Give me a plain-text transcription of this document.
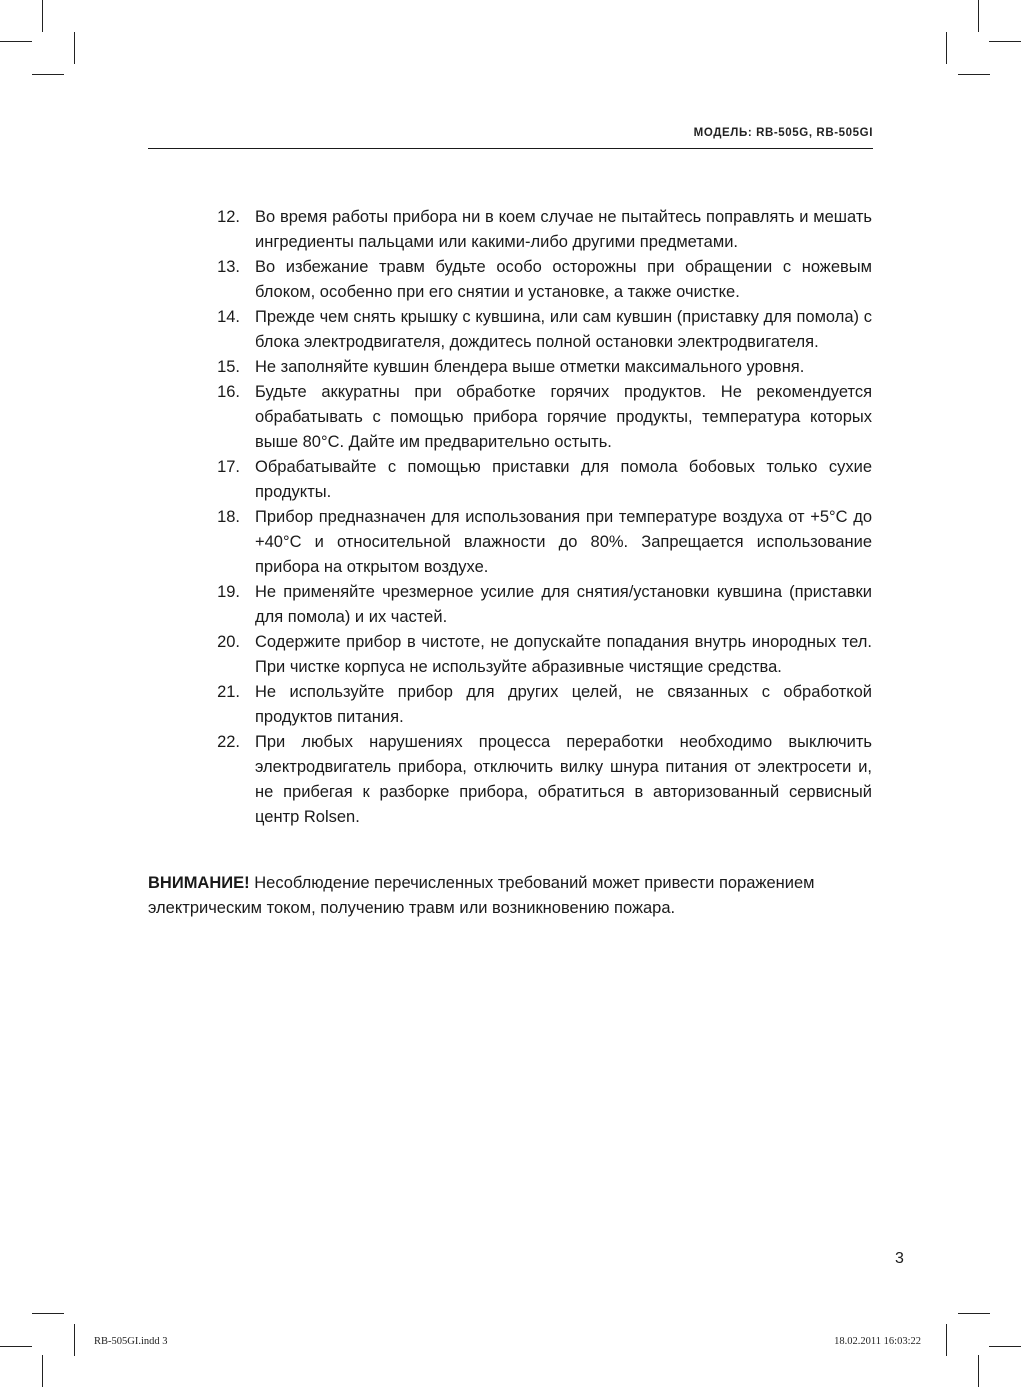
МОДЕЛЬ: RB-505G, RB-505GI
12. Во время работы прибора ни в коем случае не пытайтесь поправлять и мешать ингредиенты пальцами или какими-либо другими предметами.
13. Во избежание травм будьте особо осторожны при обращении с ножевым блоком, особенно при его снятии и установке, а также очистке.
14. Прежде чем снять крышку с кувшина, или сам кувшин (приставку для помола) с блока электродвигателя, дождитесь полной остановки электродвигателя.
15. Не заполняйте кувшин блендера выше отметки максимального уровня.
16. Будьте аккуратны при обработке горячих продуктов. Не рекомендуется обрабатывать с помощью прибора горячие продукты, температура которых выше 80°С. Дайте им предварительно остыть.
17. Обрабатывайте с помощью приставки для помола бобовых только сухие продукты.
18. Прибор предназначен для использования при температуре воздуха от +5°С до +40°С и относительной влажности до 80%. Запрещается использование прибора на открытом воздухе.
19. Не применяйте чрезмерное усилие для снятия/установки кувшина (приставки для помола) и их частей.
20. Содержите прибор в чистоте, не допускайте попадания внутрь инородных тел. При чистке корпуса не используйте абразивные чистящие средства.
21. Не используйте прибор для других целей, не связанных с обработкой продуктов питания.
22. При любых нарушениях процесса переработки необходимо выключить электродвигатель прибора, отключить вилку шнура питания от электросети и, не прибегая к разборке прибора, обратиться в авторизованный сервисный центр Rolsen.

ВНИМАНИЕ! Несоблюдение перечисленных требований может привести поражением электрическим током, получению травм или возникновению пожара.

3
RB-505GI.indd 3	18.02.2011 16:03:22
